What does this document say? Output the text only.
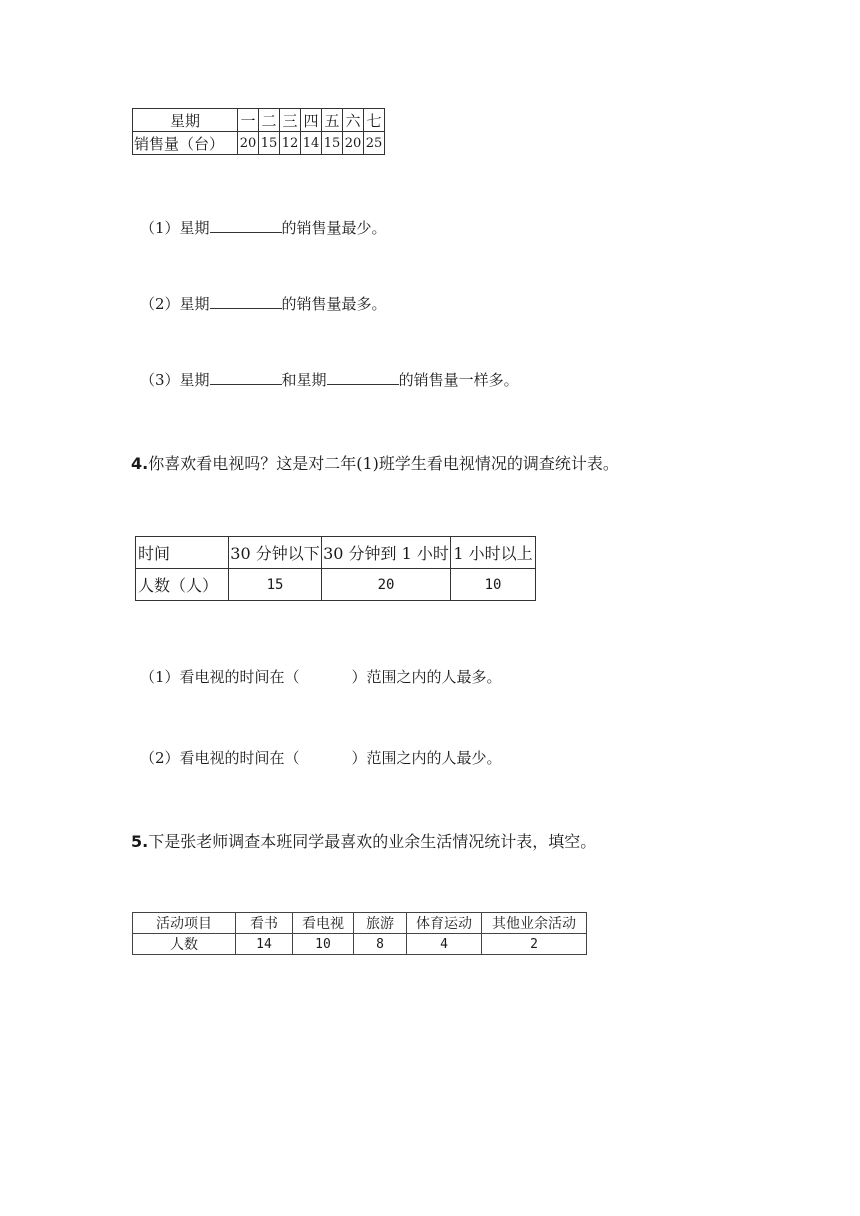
星期	一	二	三	四	五	六	七
销售量（台）	20	15	12	14	15	20	25
（1）星期	的销售量最少。
（2）星期	的销售量最多。
（3）星期	和星期	的销售量一样多。
4.你喜欢看电视吗？这是对二年(1)班学生看电视情况的调查统计表。
时间	30 分钟以下	30 分钟到 1 小时	1 小时以上
人数（人）	15	20	10
（1）看电视的时间在（	）范围之内的人最多。
（2）看电视的时间在（	）范围之内的人最少。
5.下是张老师调查本班同学最喜欢的业余生活情况统计表，填空。
活动项目	看书	看电视	旅游	体育运动	其他业余活动
人数	14	10	8	4	2
